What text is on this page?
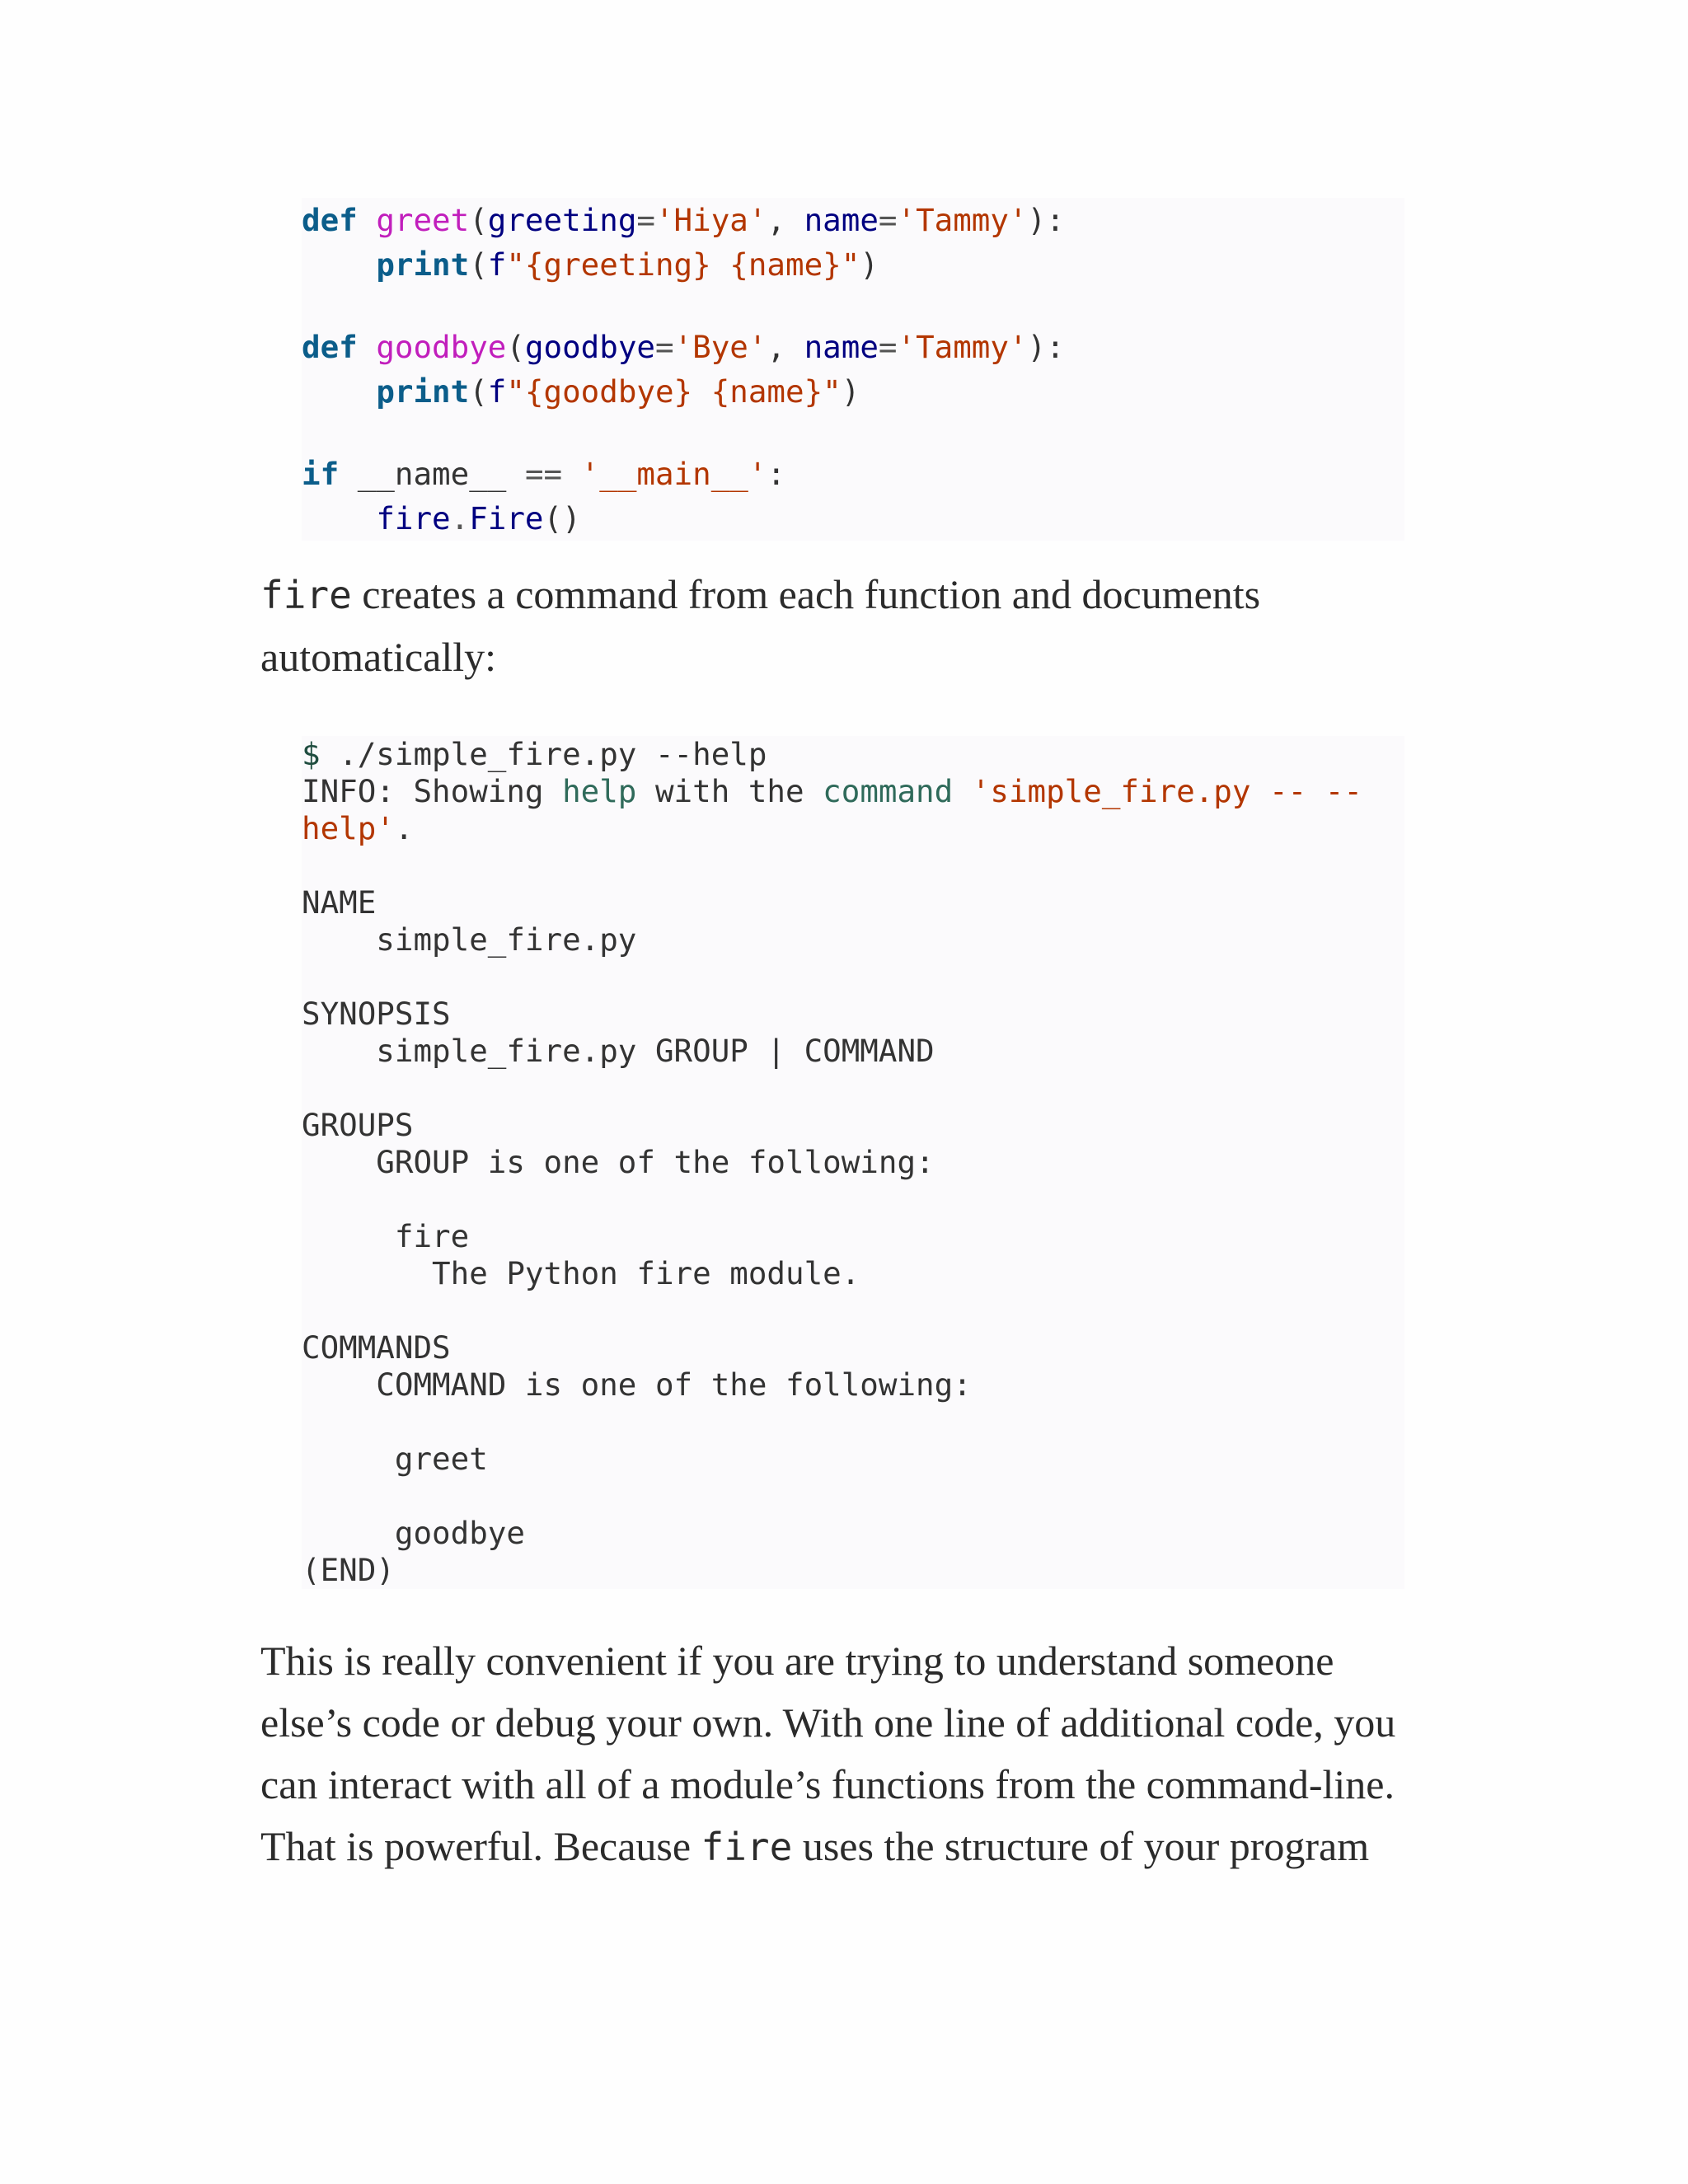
def greet(greeting='Hiya', name='Tammy'):
print(f"{greeting} {name}")
def goodbye(goodbye='Bye', name='Tammy'):
print(f"{goodbye} {name}")
if __name__ == '__main__':
fire.Fire()

fire creates a command from each function and documents automatically:

$ ./simple_fire.py --help
INFO: Showing help with the command 'simple_fire.py -- --
help'.
NAME
simple_fire.py
SYNOPSIS
simple_fire.py GROUP | COMMAND
GROUPS
GROUP is one of the following:
fire
The Python fire module.
COMMANDS
COMMAND is one of the following:
greet
goodbye
(END)

This is really convenient if you are trying to understand someone else’s code or debug your own. With one line of additional code, you can interact with all of a module’s functions from the command-line. That is powerful. Because fire uses the structure of your program
